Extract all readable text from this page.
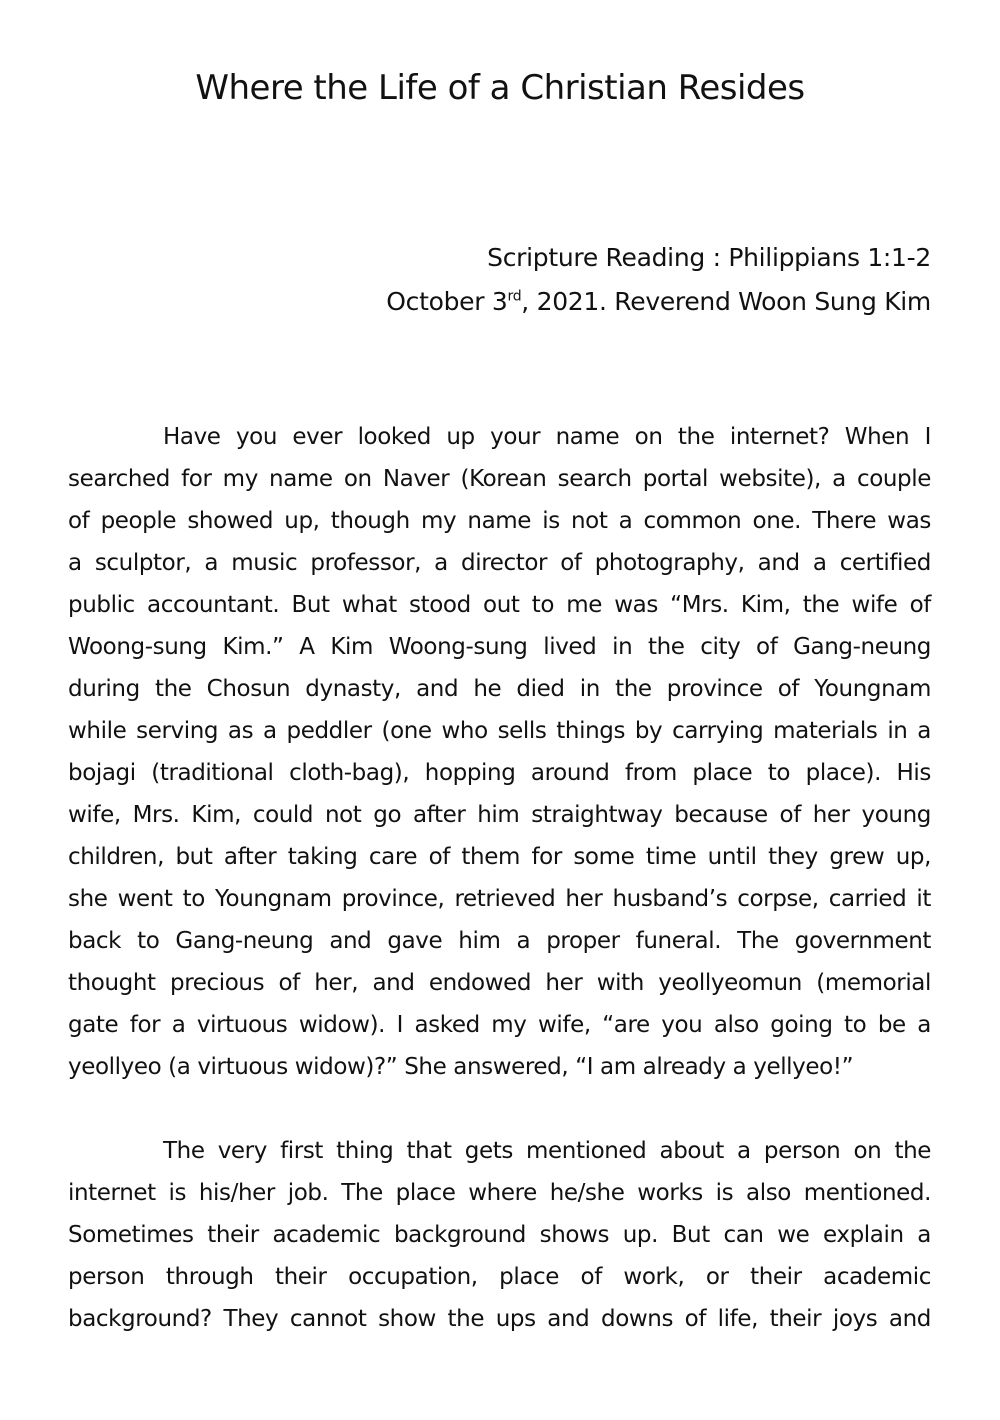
Where the Life of a Christian Resides
Scripture Reading : Philippians 1:1-2
October 3rd, 2021. Reverend Woon Sung Kim
Have you ever looked up your name on the internet? When I
searched for my name on Naver (Korean search portal website), a couple
of people showed up, though my name is not a common one. There was
a sculptor, a music professor, a director of photography, and a certified
public accountant. But what stood out to me was “Mrs. Kim, the wife of
Woong-sung Kim.” A Kim Woong-sung lived in the city of Gang-neung
during the Chosun dynasty, and he died in the province of Youngnam
while serving as a peddler (one who sells things by carrying materials in a
bojagi (traditional cloth-bag), hopping around from place to place). His
wife, Mrs. Kim, could not go after him straightway because of her young
children, but after taking care of them for some time until they grew up,
she went to Youngnam province, retrieved her husband’s corpse, carried it
back to Gang-neung and gave him a proper funeral. The government
thought precious of her, and endowed her with yeollyeomun (memorial
gate for a virtuous widow). I asked my wife, “are you also going to be a
yeollyeo (a virtuous widow)?” She answered, “I am already a yellyeo!”
The very first thing that gets mentioned about a person on the
internet is his/her job. The place where he/she works is also mentioned.
Sometimes their academic background shows up. But can we explain a
person through their occupation, place of work, or their academic
background? They cannot show the ups and downs of life, their joys and
